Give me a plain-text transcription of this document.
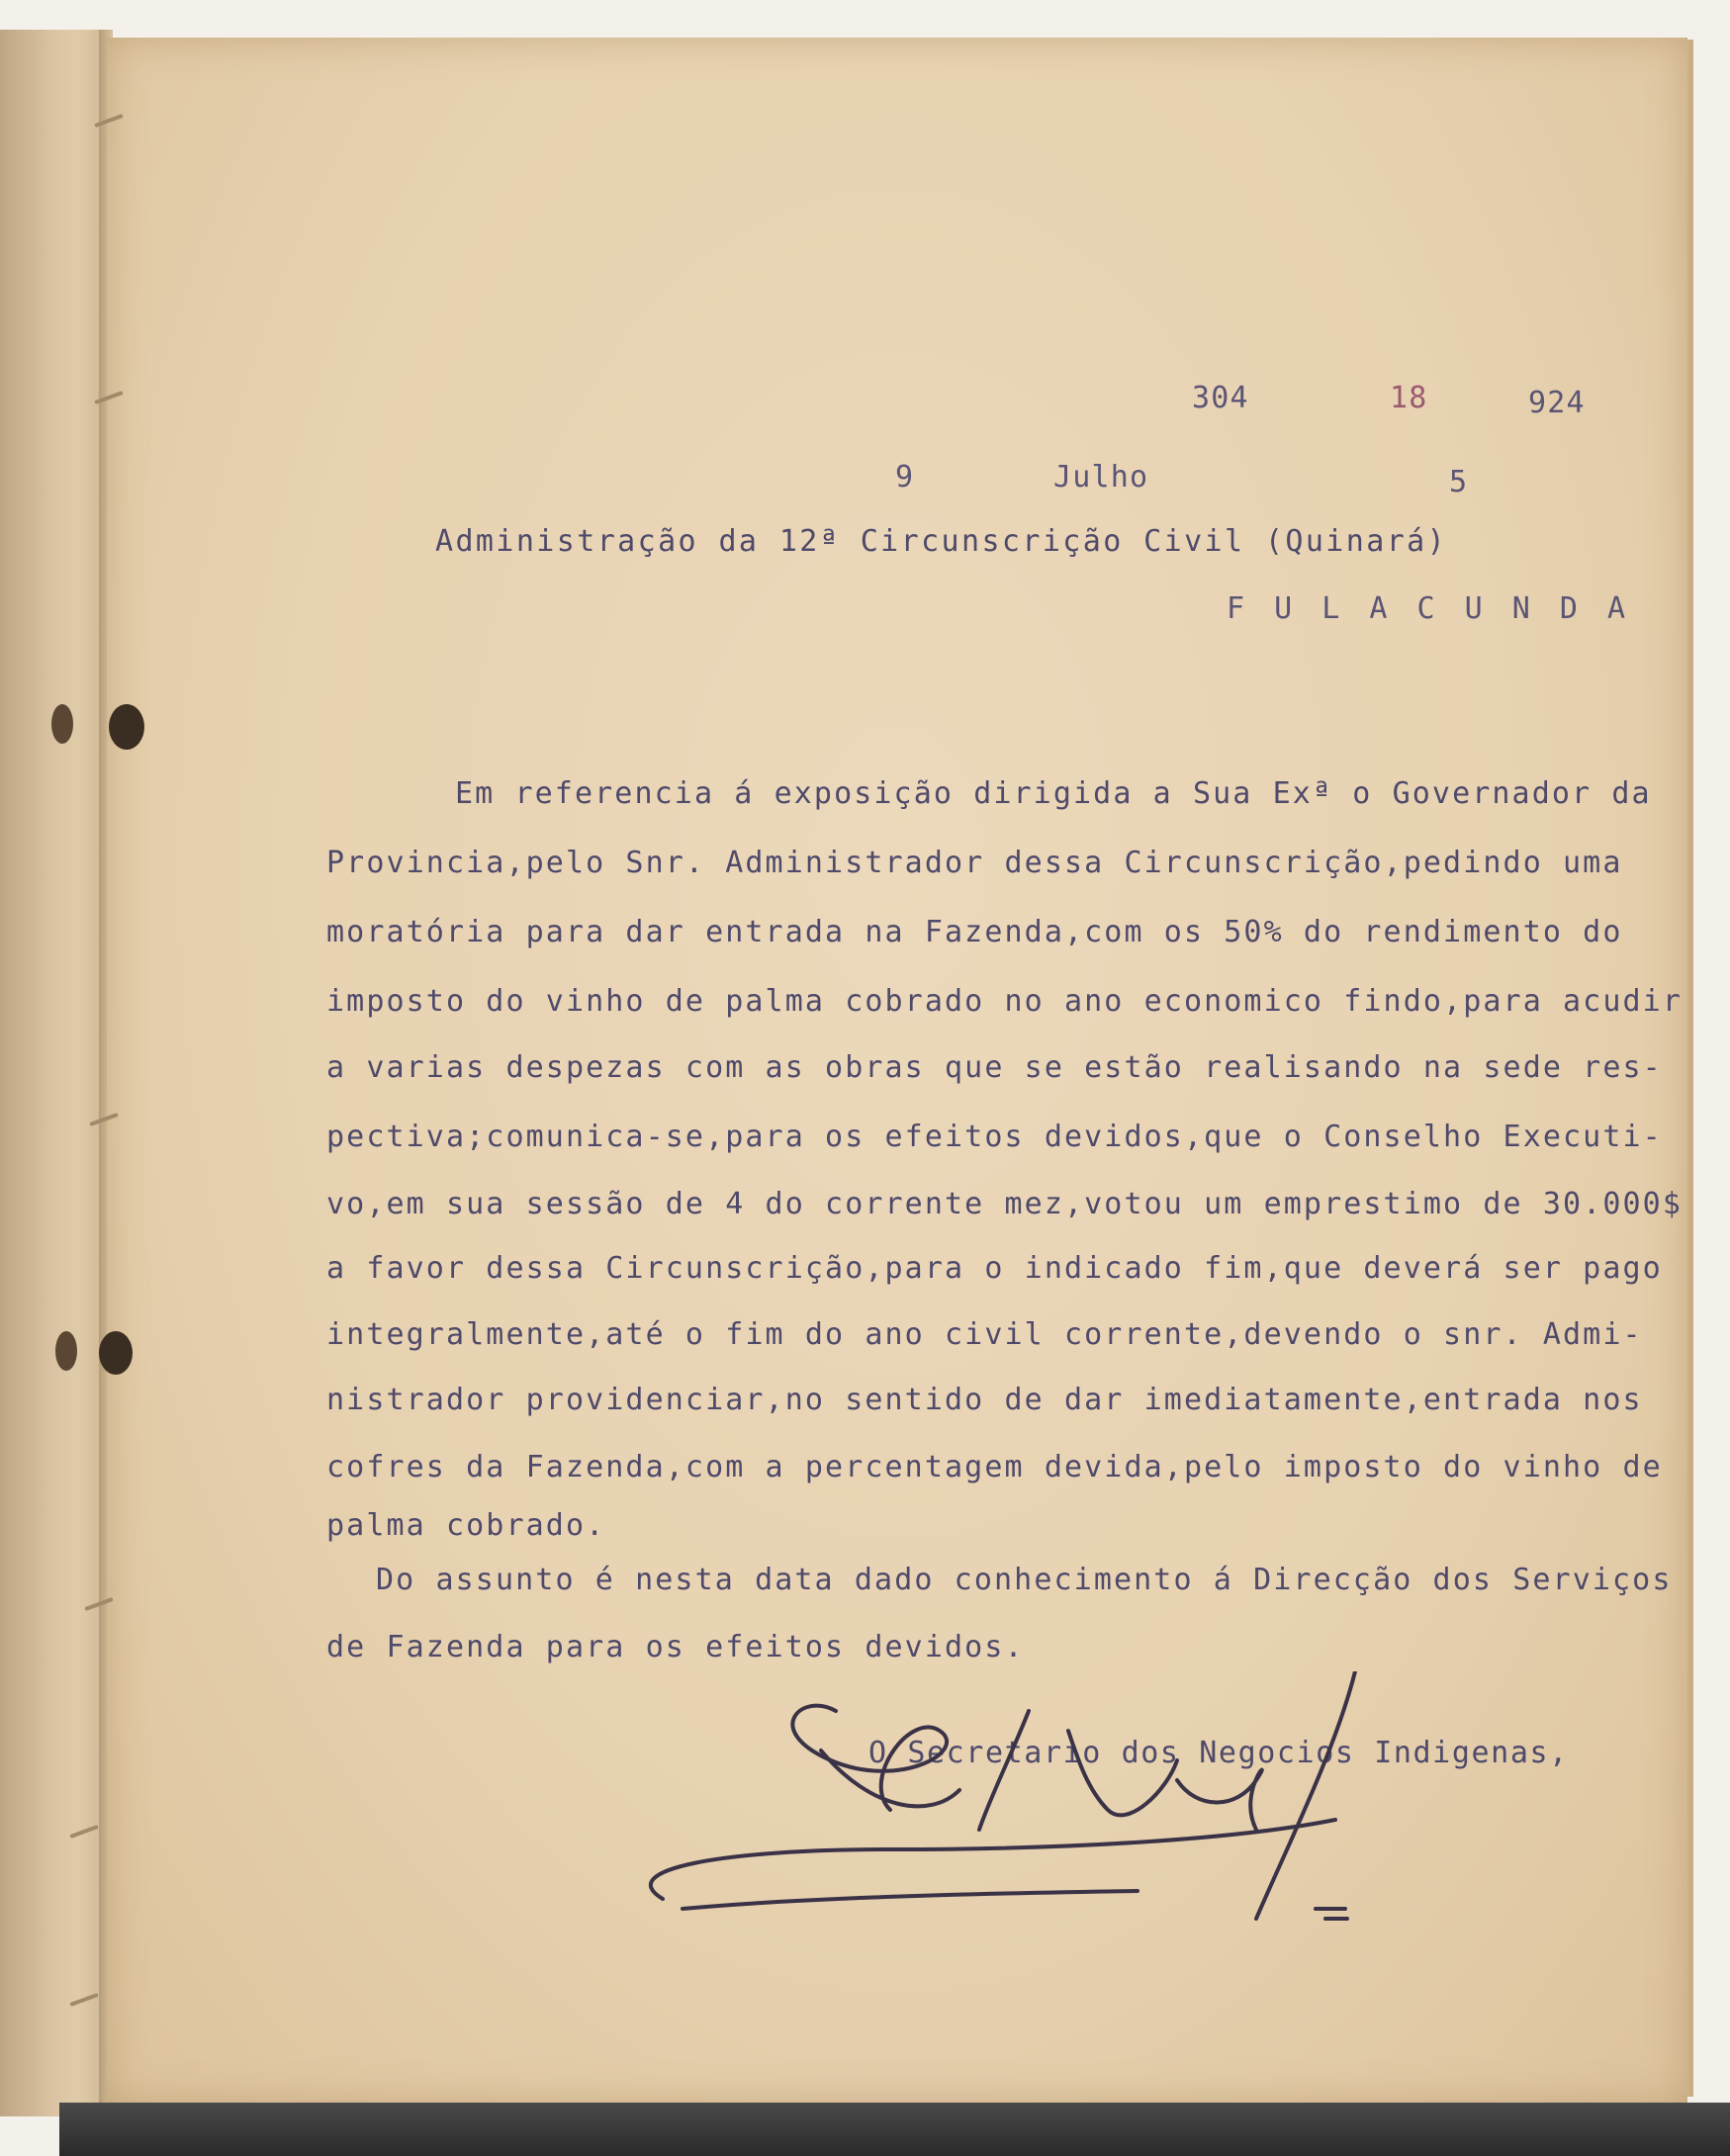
304	18	924
9	Julho	5
Administração da 12ª Circunscrição Civil (Quinará)
F U L A C U N D A
Em referencia á exposição dirigida a Sua Exª o Governador da
Provincia,pelo Snr. Administrador dessa Circunscrição,pedindo uma
moratória para dar entrada na Fazenda,com os 50% do rendimento do
imposto do vinho de palma cobrado no ano economico findo,para acudir
a varias despezas com as obras que se estão realisando na sede res-
pectiva;comunica-se,para os efeitos devidos,que o Conselho Executi-
vo,em sua sessão de 4 do corrente mez,votou um emprestimo de 30.000$
a favor dessa Circunscrição,para o indicado fim,que deverá ser pago
integralmente,até o fim do ano civil corrente,devendo o snr. Admi-
nistrador providenciar,no sentido de dar imediatamente,entrada nos
cofres da Fazenda,com a percentagem devida,pelo imposto do vinho de
palma cobrado.
Do assunto é nesta data dado conhecimento á Direcção dos Serviços
de Fazenda para os efeitos devidos.
O Secretario dos Negocios Indigenas,
